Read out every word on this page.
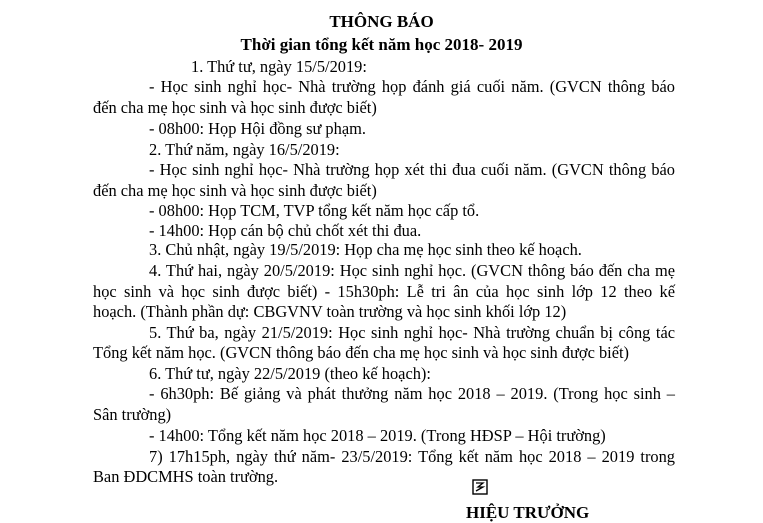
THÔNG BÁO
Thời gian tổng kết năm học 2018- 2019
1. Thứ tư, ngày 15/5/2019:
- Học sinh nghỉ học- Nhà trường họp đánh giá cuối năm. (GVCN thông báo
đến cha mẹ học sinh và học sinh được biết)
- 08h00: Họp Hội đồng sư phạm.
2. Thứ năm, ngày 16/5/2019:
- Học sinh nghỉ học- Nhà trường họp xét thi đua cuối năm. (GVCN thông báo
đến cha mẹ học sinh và học sinh được biết)
- 08h00: Họp TCM, TVP tổng kết năm học cấp tổ.
- 14h00: Họp cán bộ chủ chốt xét thi đua.
3. Chủ nhật, ngày 19/5/2019: Họp cha mẹ học sinh theo kế hoạch.
4. Thứ hai, ngày 20/5/2019: Học sinh nghỉ học. (GVCN thông báo đến cha mẹ
học sinh và học sinh được biết) - 15h30ph: Lễ tri ân của học sinh lớp 12 theo kế
hoạch. (Thành phần dự: CBGVNV toàn trường và học sinh khối lớp 12)
5. Thứ ba, ngày 21/5/2019: Học sinh nghỉ học- Nhà trường chuẩn bị công tác
Tổng kết năm học. (GVCN thông báo đến cha mẹ học sinh và học sinh được biết)
6. Thứ tư, ngày 22/5/2019 (theo kế hoạch):
- 6h30ph: Bế giảng và phát thưởng năm học 2018 – 2019. (Trong học sinh –
Sân trường)
- 14h00: Tổng kết năm học 2018 – 2019. (Trong HĐSP – Hội trường)
7) 17h15ph, ngày thứ năm- 23/5/2019: Tổng kết năm học 2018 – 2019 trong
Ban ĐDCMHS toàn trường.
HIỆU TRƯỞNG
